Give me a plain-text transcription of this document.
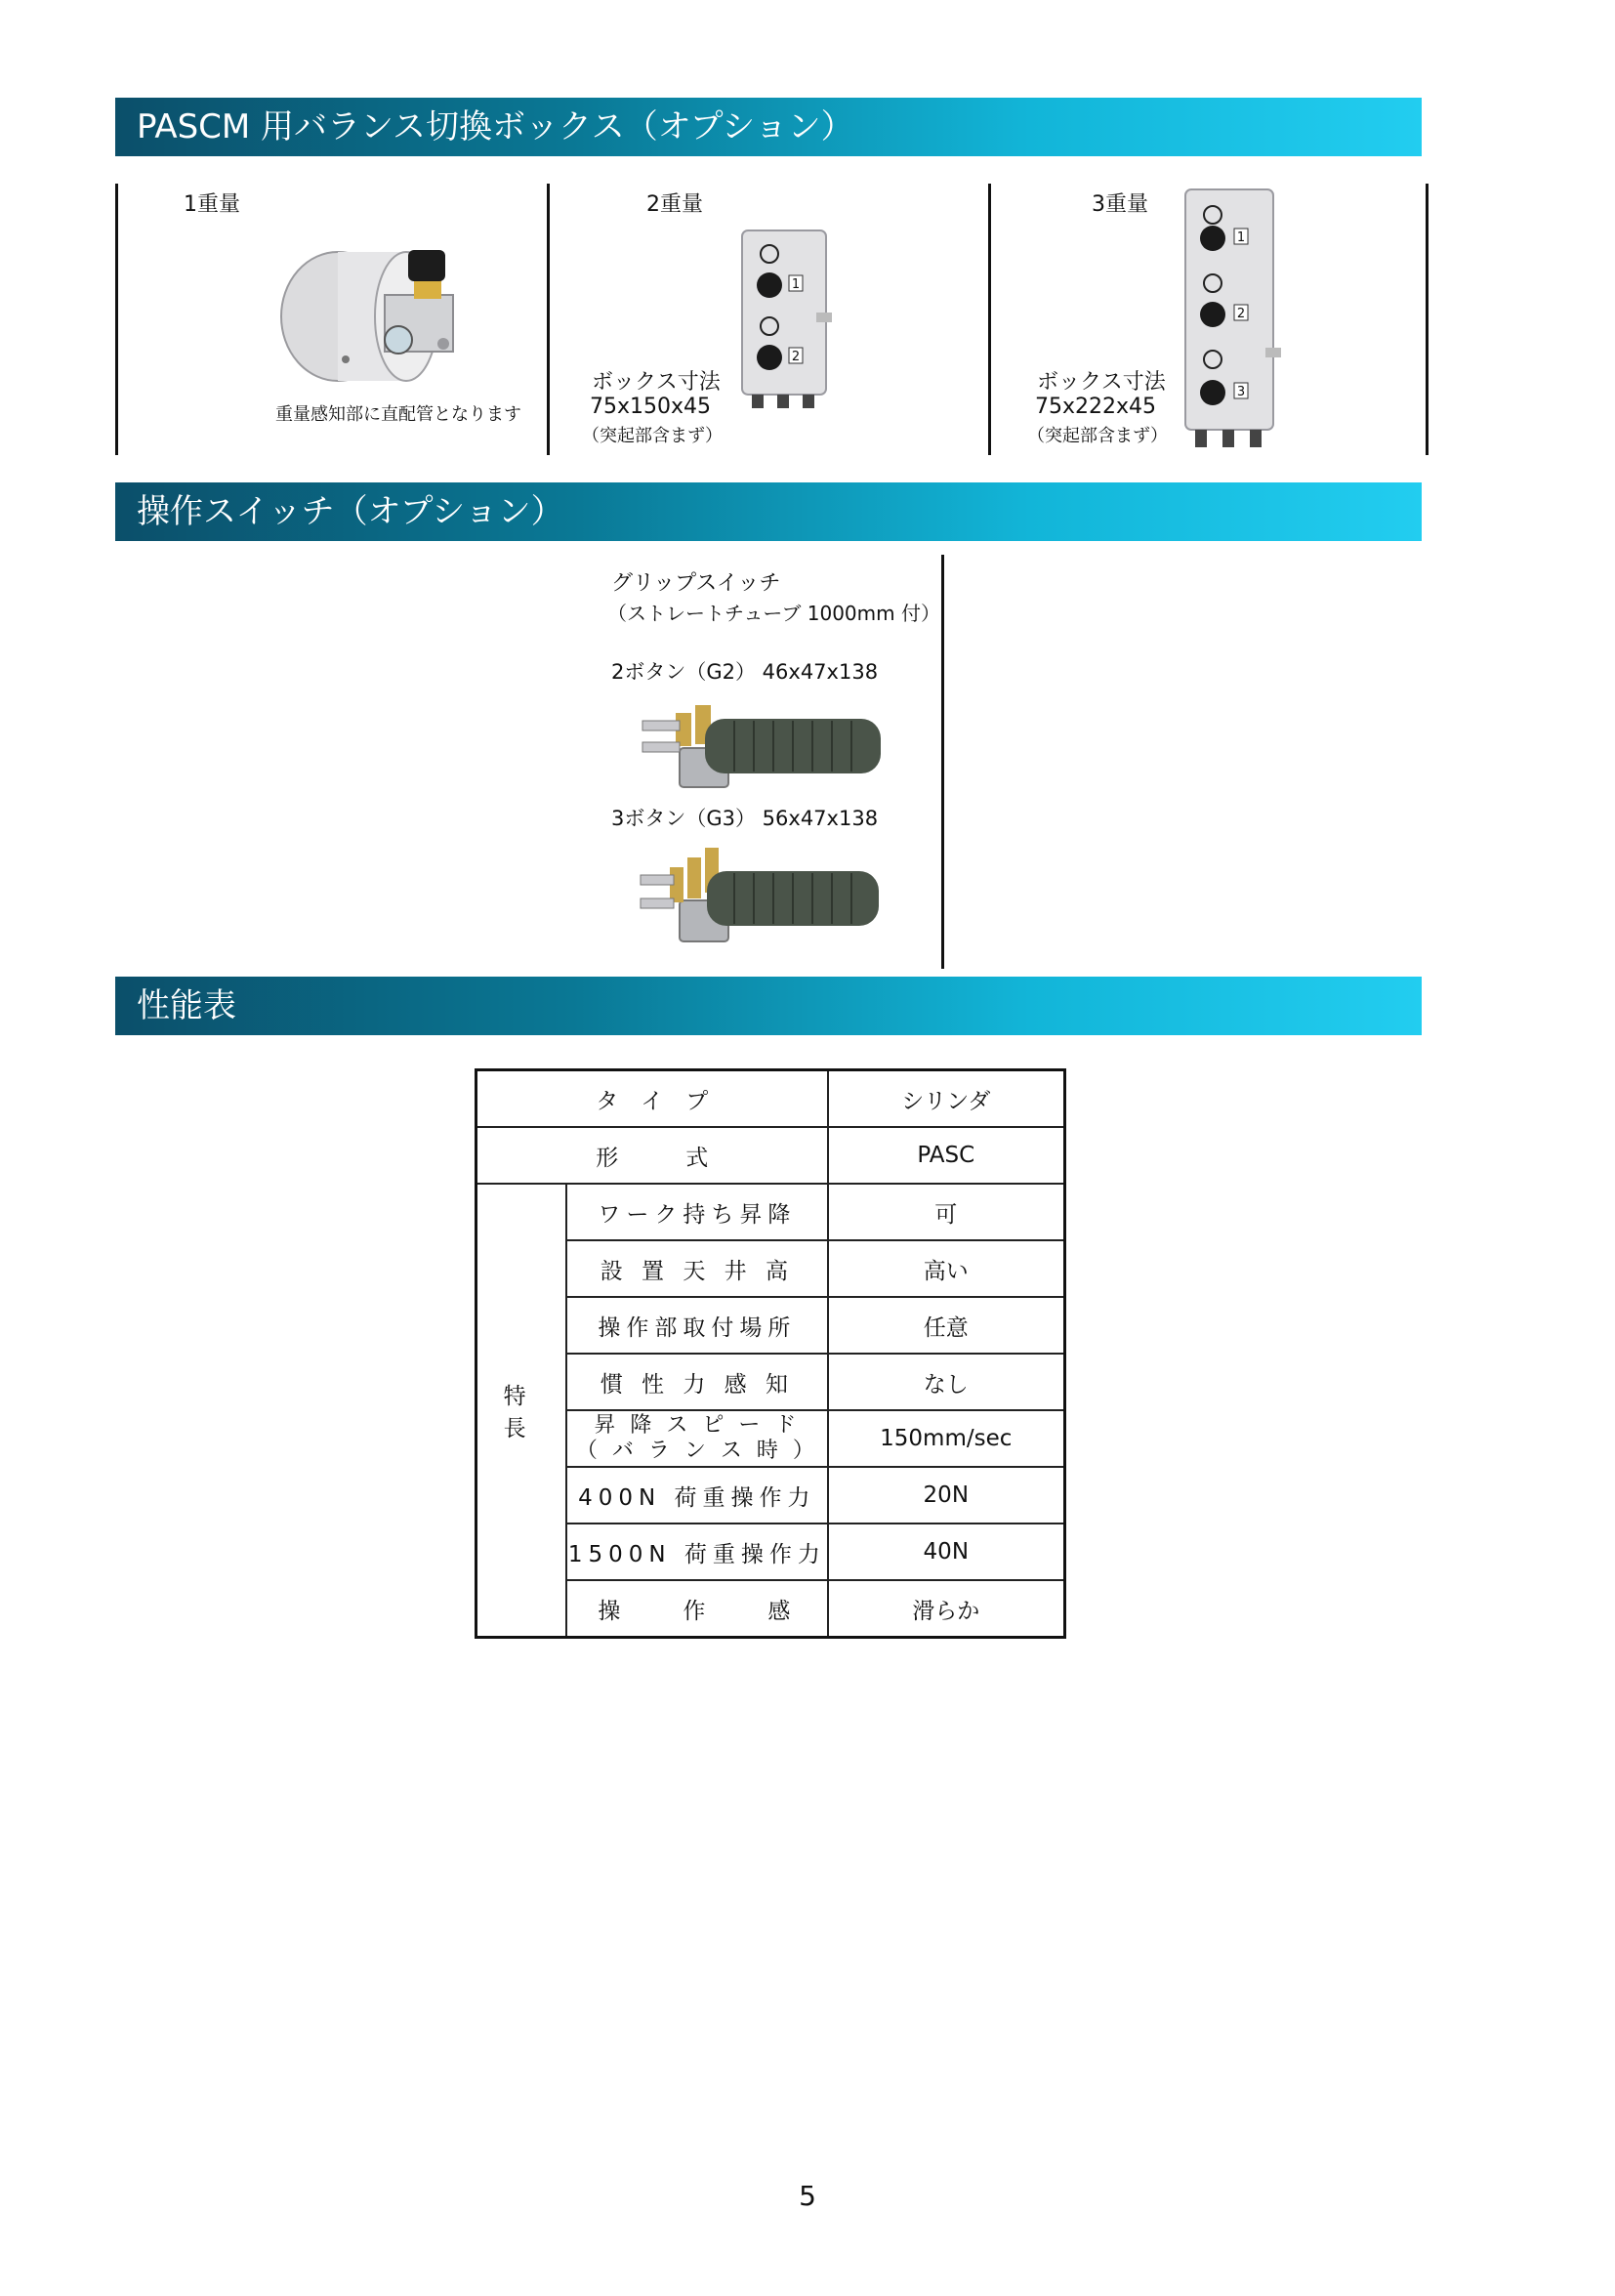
PASCM 用バランス切換ボックス（オプション）
1重量	2重量	3重量
重量感知部に直配管となります
1
2
ボックス寸法
75x150x45
（突起部含まず）
1
2
3
ボックス寸法
75x222x45
（突起部含まず）
操作スイッチ（オプション）
グリップスイッチ
（ストレートチューブ 1000mm 付）
2ボタン（G2） 46x47x138
3ボタン（G3） 56x47x138
性能表
タ　イ　プ		シリンダ
形　　　式		PASC
特 長	ワーク持ち昇降	可
	設 置 天 井 高	高い
	操作部取付場所	任意
	慣 性 力 感 知	なし

	昇 降 ス ピ ー ド
（ バ ラ ン ス 時 ）	150mm/sec
	400N 荷重操作力	20N
	1500N 荷重操作力	40N
	操　　作　　感	滑らか
5
